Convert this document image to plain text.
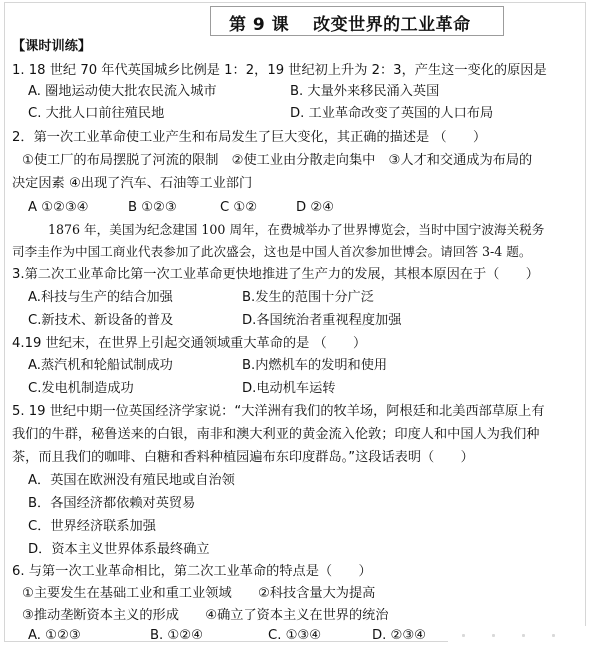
第 9 课　 改变世界的工业革命
【课时训练】
1. 18 世纪 70 年代英国城乡比例是 1：2，19 世纪初上升为 2：3，产生这一变化的原因是
A. 圈地运动使大批农民流入城市	B. 大量外来移民涌入英国
C. 大批人口前往殖民地	D. 工业革命改变了英国的人口布局
2．第一次工业革命使工业产生和布局发生了巨大变化，其正确的描述是 （　　）
①使工厂的布局摆脱了河流的限制　②使工业由分散走向集中　③人才和交通成为布局的
决定因素 ④出现了汽车、石油等工业部门
A ①②③④	B ①②③	C ①②	D ②④
1876 年，美国为纪念建国 100 周年，在费城举办了世界博览会，当时中国宁波海关税务
司李圭作为中国工商业代表参加了此次盛会，这也是中国人首次参加世博会。请回答 3-4 题。
3.第二次工业革命比第一次工业革命更快地推进了生产力的发展，其根本原因在于（　　）
A.科技与生产的结合加强	B.发生的范围十分广泛
C.新技术、新设备的普及	D.各国统治者重视程度加强
4.19 世纪末，在世界上引起交通领域重大革命的是 （　　）
A.蒸汽机和轮船试制成功	B.内燃机车的发明和使用
C.发电机制造成功	D.电动机车运转
5. 19 世纪中期一位英国经济学家说：“大洋洲有我们的牧羊场，阿根廷和北美西部草原上有
我们的牛群，秘鲁送来的白银，南非和澳大利亚的黄金流入伦敦；印度人和中国人为我们种
茶，而且我们的咖啡、白糖和香料种植园遍布东印度群岛。”这段话表明（　　）
A．英国在欧洲没有殖民地或自治领
B．各国经济都依赖对英贸易
C．世界经济联系加强
D．资本主义世界体系最终确立
6. 与第一次工业革命相比，第二次工业革命的特点是（　　）
①主要发生在基础工业和重工业领域　　②科技含量大为提高
③推动垄断资本主义的形成　　④确立了资本主义在世界的统治
A. ①②③	B. ①②④	C. ①③④	D. ②③④
